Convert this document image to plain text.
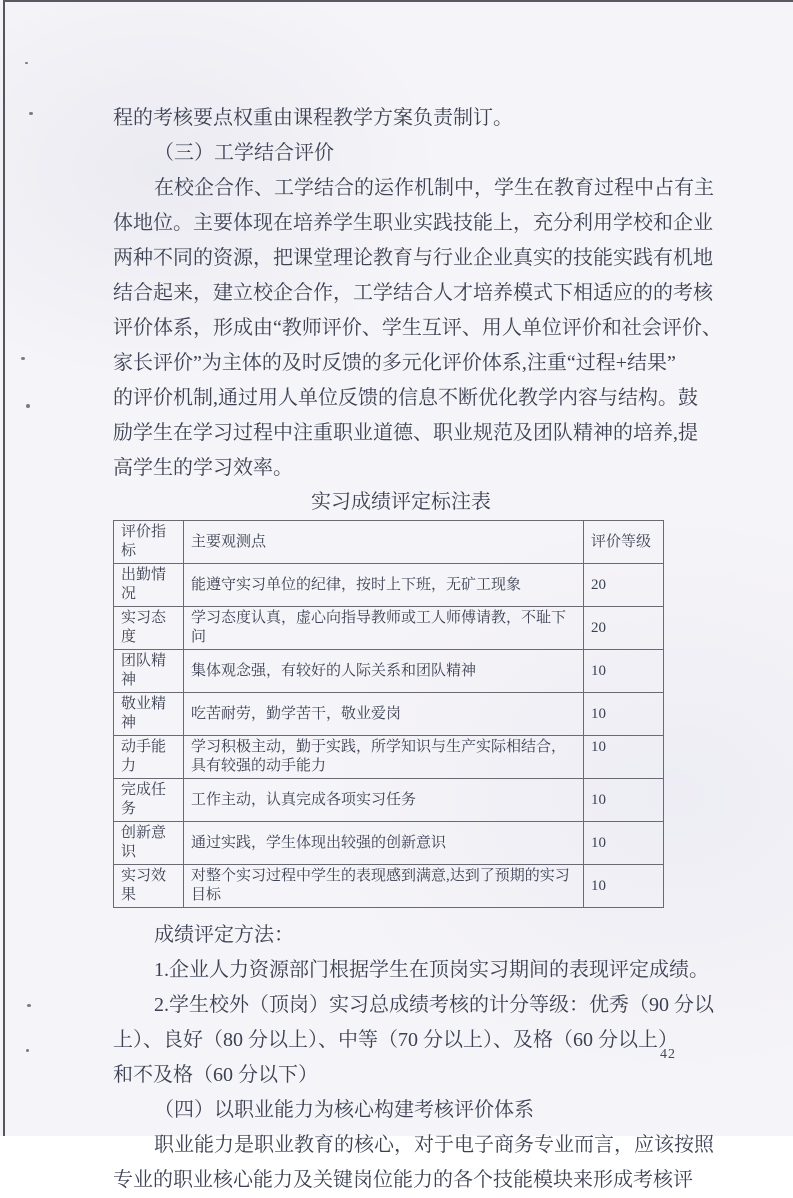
程的考核要点权重由课程教学方案负责制订。
（三）工学结合评价
在校企合作、工学结合的运作机制中，学生在教育过程中占有主
体地位。主要体现在培养学生职业实践技能上，充分利用学校和企业
两种不同的资源，把课堂理论教育与行业企业真实的技能实践有机地
结合起来，建立校企合作，工学结合人才培养模式下相适应的的考核
评价体系，形成由“教师评价、学生互评、用人单位评价和社会评价、
家长评价”为主体的及时反馈的多元化评价体系,注重“过程+结果”
的评价机制,通过用人单位反馈的信息不断优化教学内容与结构。鼓
励学生在学习过程中注重职业道德、职业规范及团队精神的培养,提
高学生的学习效率。
实习成绩评定标注表
评价指标	主要观测点	评价等级
出勤情况	能遵守实习单位的纪律，按时上下班，无矿工现象	20
实习态度	学习态度认真，虚心向指导教师或工人师傅请教，不耻下问	20
团队精神	集体观念强，有较好的人际关系和团队精神	10
敬业精神	吃苦耐劳，勤学苦干，敬业爱岗	10
动手能力	学习积极主动，勤于实践，所学知识与生产实际相结合，具有较强的动手能力	10
完成任务	工作主动，认真完成各项实习任务	10
创新意识	通过实践，学生体现出较强的创新意识	10
实习效果	对整个实习过程中学生的表现感到满意,达到了预期的实习目标	10
成绩评定方法：
1.企业人力资源部门根据学生在顶岗实习期间的表现评定成绩。
2.学生校外（顶岗）实习总成绩考核的计分等级：优秀（90 分以
上）、良好（80 分以上）、中等（70 分以上）、及格（60 分以上）
和不及格（60 分以下）
（四）以职业能力为核心构建考核评价体系
职业能力是职业教育的核心，对于电子商务专业而言，应该按照
专业的职业核心能力及关键岗位能力的各个技能模块来形成考核评
42
